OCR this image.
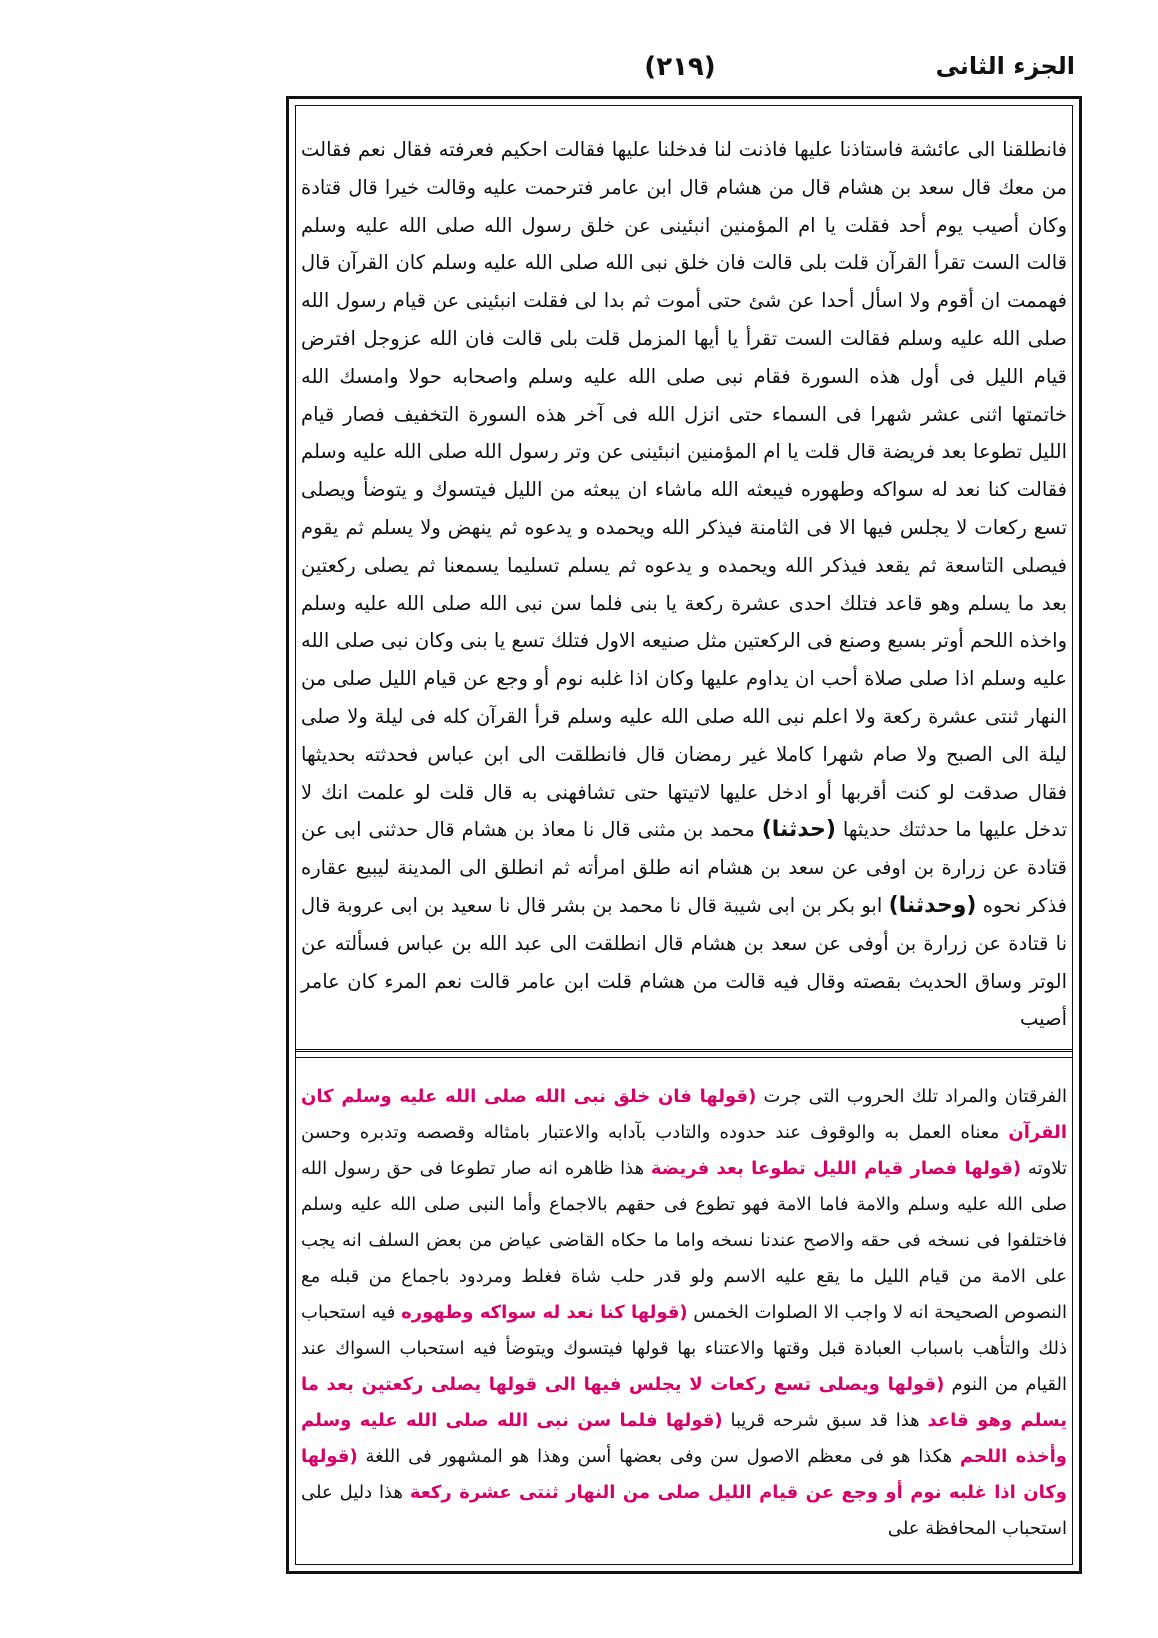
الجزء الثانى
(٢١٩)

فانطلقنا الى عائشة فاستاذنا عليها فاذنت لنا فدخلنا عليها فقالت احكيم فعرفته فقال نعم فقالت من معك قال سعد بن هشام قال من هشام قال ابن عامر فترحمت عليه وقالت خيرا قال قتادة وكان أصيب يوم أحد فقلت يا ام المؤمنين انبئينى عن خلق رسول الله صلى الله عليه وسلم قالت الست تقرأ القرآن قلت بلى قالت فان خلق نبى الله صلى الله عليه وسلم كان القرآن قال فهممت ان أقوم ولا اسأل أحدا عن شئ حتى أموت ثم بدا لى فقلت انبئينى عن قيام رسول الله صلى الله عليه وسلم فقالت الست تقرأ يا أيها المزمل قلت بلى قالت فان الله عزوجل افترض قيام الليل فى أول هذه السورة فقام نبى صلى الله عليه وسلم واصحابه حولا وامسك الله خاتمتها اثنى عشر شهرا فى السماء حتى انزل الله فى آخر هذه السورة التخفيف فصار قيام الليل تطوعا بعد فريضة قال قلت يا ام المؤمنين انبئينى عن وتر رسول الله صلى الله عليه وسلم فقالت كنا نعد له سواكه وطهوره فيبعثه الله ماشاء ان يبعثه من الليل فيتسوك و يتوضأ ويصلى تسع ركعات لا يجلس فيها الا فى الثامنة فيذكر الله ويحمده و يدعوه ثم ينهض ولا يسلم ثم يقوم فيصلى التاسعة ثم يقعد فيذكر الله ويحمده و يدعوه ثم يسلم تسليما يسمعنا ثم يصلى ركعتين بعد ما يسلم وهو قاعد فتلك احدى عشرة ركعة يا بنى فلما سن نبى الله صلى الله عليه وسلم واخذه اللحم أوتر بسبع وصنع فى الركعتين مثل صنيعه الاول فتلك تسع يا بنى وكان نبى صلى الله عليه وسلم اذا صلى صلاة أحب ان يداوم عليها وكان اذا غلبه نوم أو وجع عن قيام الليل صلى من النهار ثنتى عشرة ركعة ولا اعلم نبى الله صلى الله عليه وسلم قرأ القرآن كله فى ليلة ولا صلى ليلة الى الصبح ولا صام شهرا كاملا غير رمضان قال فانطلقت الى ابن عباس فحدثته بحديثها فقال صدقت لو كنت أقربها أو ادخل عليها لاتيتها حتى تشافهنى به قال قلت لو علمت انك لا تدخل عليها ما حدثتك حديثها (حدثنا) محمد بن مثنى قال نا معاذ بن هشام قال حدثنى ابى عن قتادة عن زرارة بن اوفى عن سعد بن هشام انه طلق امرأته ثم انطلق الى المدينة ليبيع عقاره فذكر نحوه (وحدثنا) ابو بكر بن ابى شيبة قال نا محمد بن بشر قال نا سعيد بن ابى عروبة قال نا قتادة عن زرارة بن أوفى عن سعد بن هشام قال انطلقت الى عبد الله بن عباس فسألته عن الوتر وساق الحديث بقصته وقال فيه قالت من هشام قلت ابن عامر قالت نعم المرء كان عامر أصيب

الفرقتان والمراد تلك الحروب التى جرت (قولها فان خلق نبى الله صلى الله عليه وسلم كان القرآن معناه العمل به والوقوف عند حدوده والتادب بآدابه والاعتبار بامثاله وقصصه وتدبره وحسن تلاوته (قولها فصار قيام الليل تطوعا بعد فريضة هذا ظاهره انه صار تطوعا فى حق رسول الله صلى الله عليه وسلم والامة فاما الامة فهو تطوع فى حقهم بالاجماع وأما النبى صلى الله عليه وسلم فاختلفوا فى نسخه فى حقه والاصح عندنا نسخه واما ما حكاه القاضى عياض من بعض السلف انه يجب على الامة من قيام الليل ما يقع عليه الاسم ولو قدر حلب شاة فغلط ومردود باجماع من قبله مع النصوص الصحيحة انه لا واجب الا الصلوات الخمس (قولها كنا نعد له سواكه وطهوره فيه استحباب ذلك والتأهب باسباب العبادة قبل وقتها والاعتناء بها قولها فيتسوك ويتوضأ فيه استحباب السواك عند القيام من النوم (قولها ويصلى تسع ركعات لا يجلس فيها الى قولها يصلى ركعتين بعد ما يسلم وهو قاعد هذا قد سبق شرحه قريبا (قولها فلما سن نبى الله صلى الله عليه وسلم وأخذه اللحم هكذا هو فى معظم الاصول سن وفى بعضها أسن وهذا هو المشهور فى اللغة (قولها وكان اذا غلبه نوم أو وجع عن قيام الليل صلى من النهار ثنتى عشرة ركعة هذا دليل على استحباب المحافظة على
